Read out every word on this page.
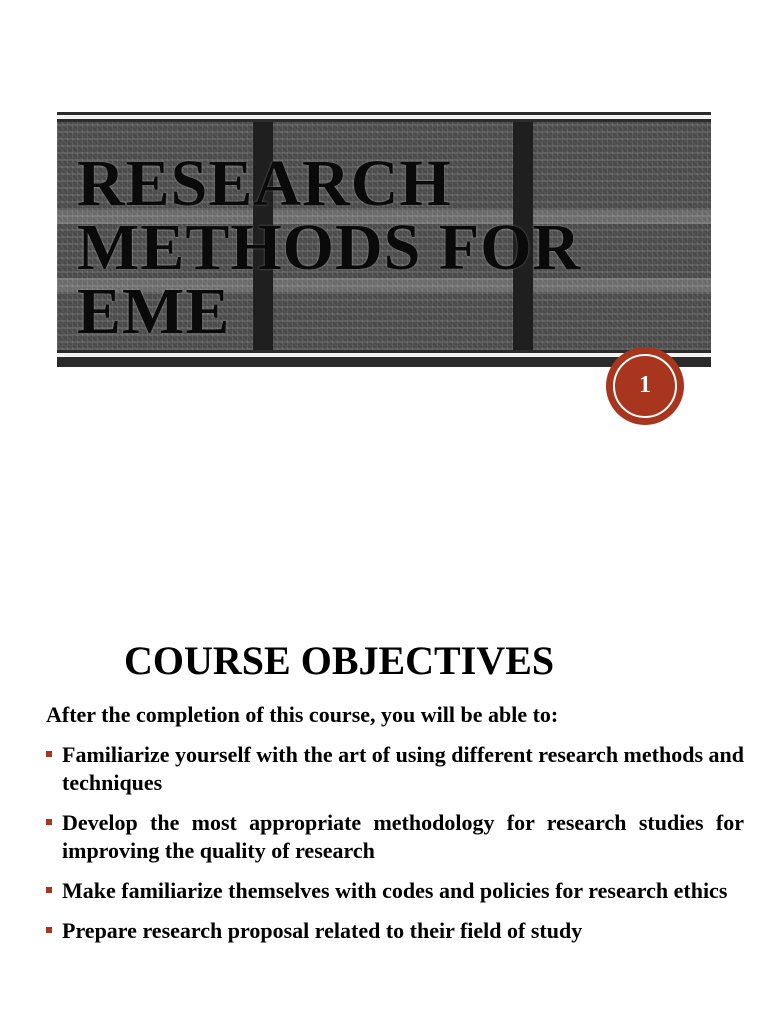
RESEARCH
METHODS FOR
EME
1
COURSE OBJECTIVES

After the completion of this course, you will be able to:

Familiarize yourself with the art of using different research methods and techniques
Develop the most appropriate methodology for research studies for improving the quality of research
Make familiarize themselves with codes and policies for research ethics
Prepare research proposal related to their field of study
